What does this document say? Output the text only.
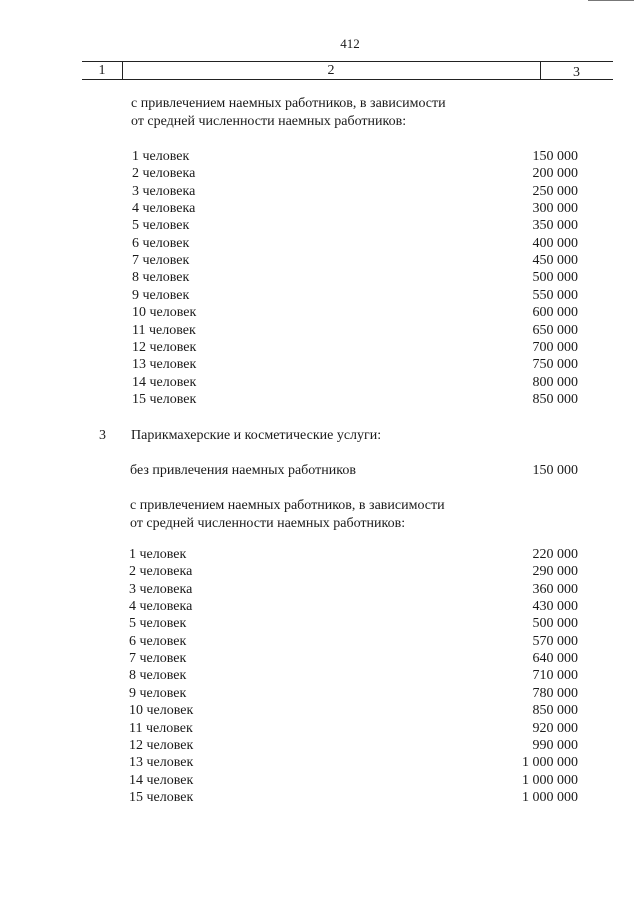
412
1	2	3
с привлечением наемных работников, в зависимости
от средней численности наемных работников:
1 человек	150 000
2 человека	200 000
3 человека	250 000
4 человека	300 000
5 человек	350 000
6 человек	400 000
7 человек	450 000
8 человек	500 000
9 человек	550 000
10 человек	600 000
11 человек	650 000
12 человек	700 000
13 человек	750 000
14 человек	800 000
15 человек	850 000
3 Парикмахерские и косметические услуги:
без привлечения наемных работников	150 000
с привлечением наемных работников, в зависимости
от средней численности наемных работников:
1 человек	220 000
2 человека	290 000
3 человека	360 000
4 человека	430 000
5 человек	500 000
6 человек	570 000
7 человек	640 000
8 человек	710 000
9 человек	780 000
10 человек	850 000
11 человек	920 000
12 человек	990 000
13 человек	1 000 000
14 человек	1 000 000
15 человек	1 000 000
